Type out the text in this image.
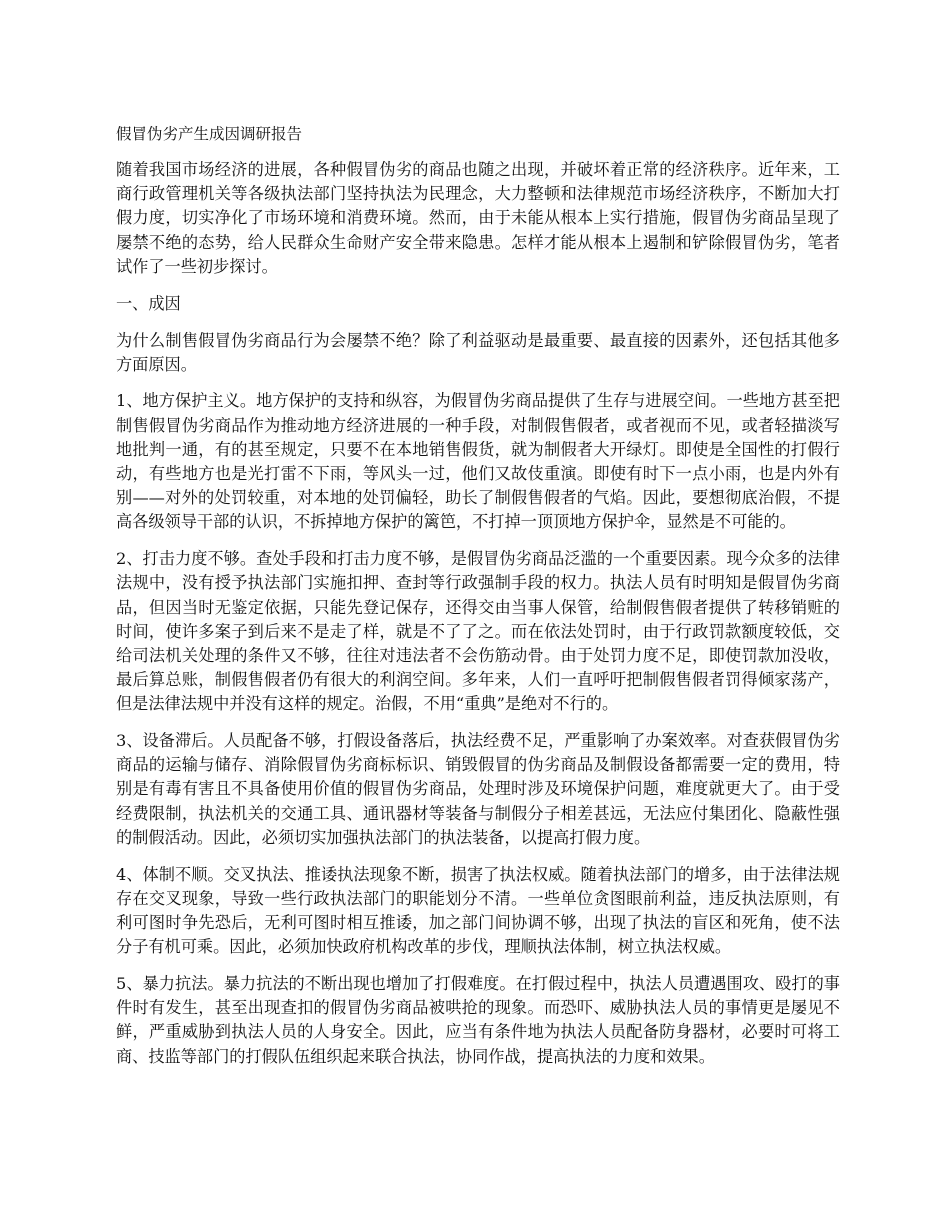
假冒伪劣产生成因调研报告

随着我国市场经济的进展，各种假冒伪劣的商品也随之出现，并破坏着正常的经济秩序。近年来，工商行政管理机关等各级执法部门坚持执法为民理念，大力整顿和法律规范市场经济秩序，不断加大打假力度，切实净化了市场环境和消费环境。然而，由于未能从根本上实行措施，假冒伪劣商品呈现了屡禁不绝的态势，给人民群众生命财产安全带来隐患。怎样才能从根本上遏制和铲除假冒伪劣，笔者试作了一些初步探讨。

一、成因

为什么制售假冒伪劣商品行为会屡禁不绝？除了利益驱动是最重要、最直接的因素外，还包括其他多方面原因。

1、地方保护主义。地方保护的支持和纵容，为假冒伪劣商品提供了生存与进展空间。一些地方甚至把制售假冒伪劣商品作为推动地方经济进展的一种手段，对制假售假者，或者视而不见，或者轻描淡写地批判一通，有的甚至规定，只要不在本地销售假货，就为制假者大开绿灯。即使是全国性的打假行动，有些地方也是光打雷不下雨，等风头一过，他们又故伎重演。即使有时下一点小雨，也是内外有别——对外的处罚较重，对本地的处罚偏轻，助长了制假售假者的气焰。因此，要想彻底治假，不提高各级领导干部的认识，不拆掉地方保护的篱笆，不打掉一顶顶地方保护伞，显然是不可能的。

2、打击力度不够。查处手段和打击力度不够，是假冒伪劣商品泛滥的一个重要因素。现今众多的法律法规中，没有授予执法部门实施扣押、查封等行政强制手段的权力。执法人员有时明知是假冒伪劣商品，但因当时无鉴定依据，只能先登记保存，还得交由当事人保管，给制假售假者提供了转移销赃的时间，使许多案子到后来不是走了样，就是不了了之。而在依法处罚时，由于行政罚款额度较低，交给司法机关处理的条件又不够，往往对违法者不会伤筋动骨。由于处罚力度不足，即使罚款加没收，最后算总账，制假售假者仍有很大的利润空间。多年来，人们一直呼吁把制假售假者罚得倾家荡产，但是法律法规中并没有这样的规定。治假，不用“重典”是绝对不行的。

3、设备滞后。人员配备不够，打假设备落后，执法经费不足，严重影响了办案效率。对查获假冒伪劣商品的运输与储存、消除假冒伪劣商标标识、销毁假冒的伪劣商品及制假设备都需要一定的费用，特别是有毒有害且不具备使用价值的假冒伪劣商品，处理时涉及环境保护问题，难度就更大了。由于受经费限制，执法机关的交通工具、通讯器材等装备与制假分子相差甚远，无法应付集团化、隐蔽性强的制假活动。因此，必须切实加强执法部门的执法装备，以提高打假力度。

4、体制不顺。交叉执法、推诿执法现象不断，损害了执法权威。随着执法部门的增多，由于法律法规存在交叉现象，导致一些行政执法部门的职能划分不清。一些单位贪图眼前利益，违反执法原则，有利可图时争先恐后，无利可图时相互推诿，加之部门间协调不够，出现了执法的盲区和死角，使不法分子有机可乘。因此，必须加快政府机构改革的步伐，理顺执法体制，树立执法权威。

5、暴力抗法。暴力抗法的不断出现也增加了打假难度。在打假过程中，执法人员遭遇围攻、殴打的事件时有发生，甚至出现查扣的假冒伪劣商品被哄抢的现象。而恐吓、威胁执法人员的事情更是屡见不鲜，严重威胁到执法人员的人身安全。因此，应当有条件地为执法人员配备防身器材，必要时可将工商、技监等部门的打假队伍组织起来联合执法，协同作战，提高执法的力度和效果。
